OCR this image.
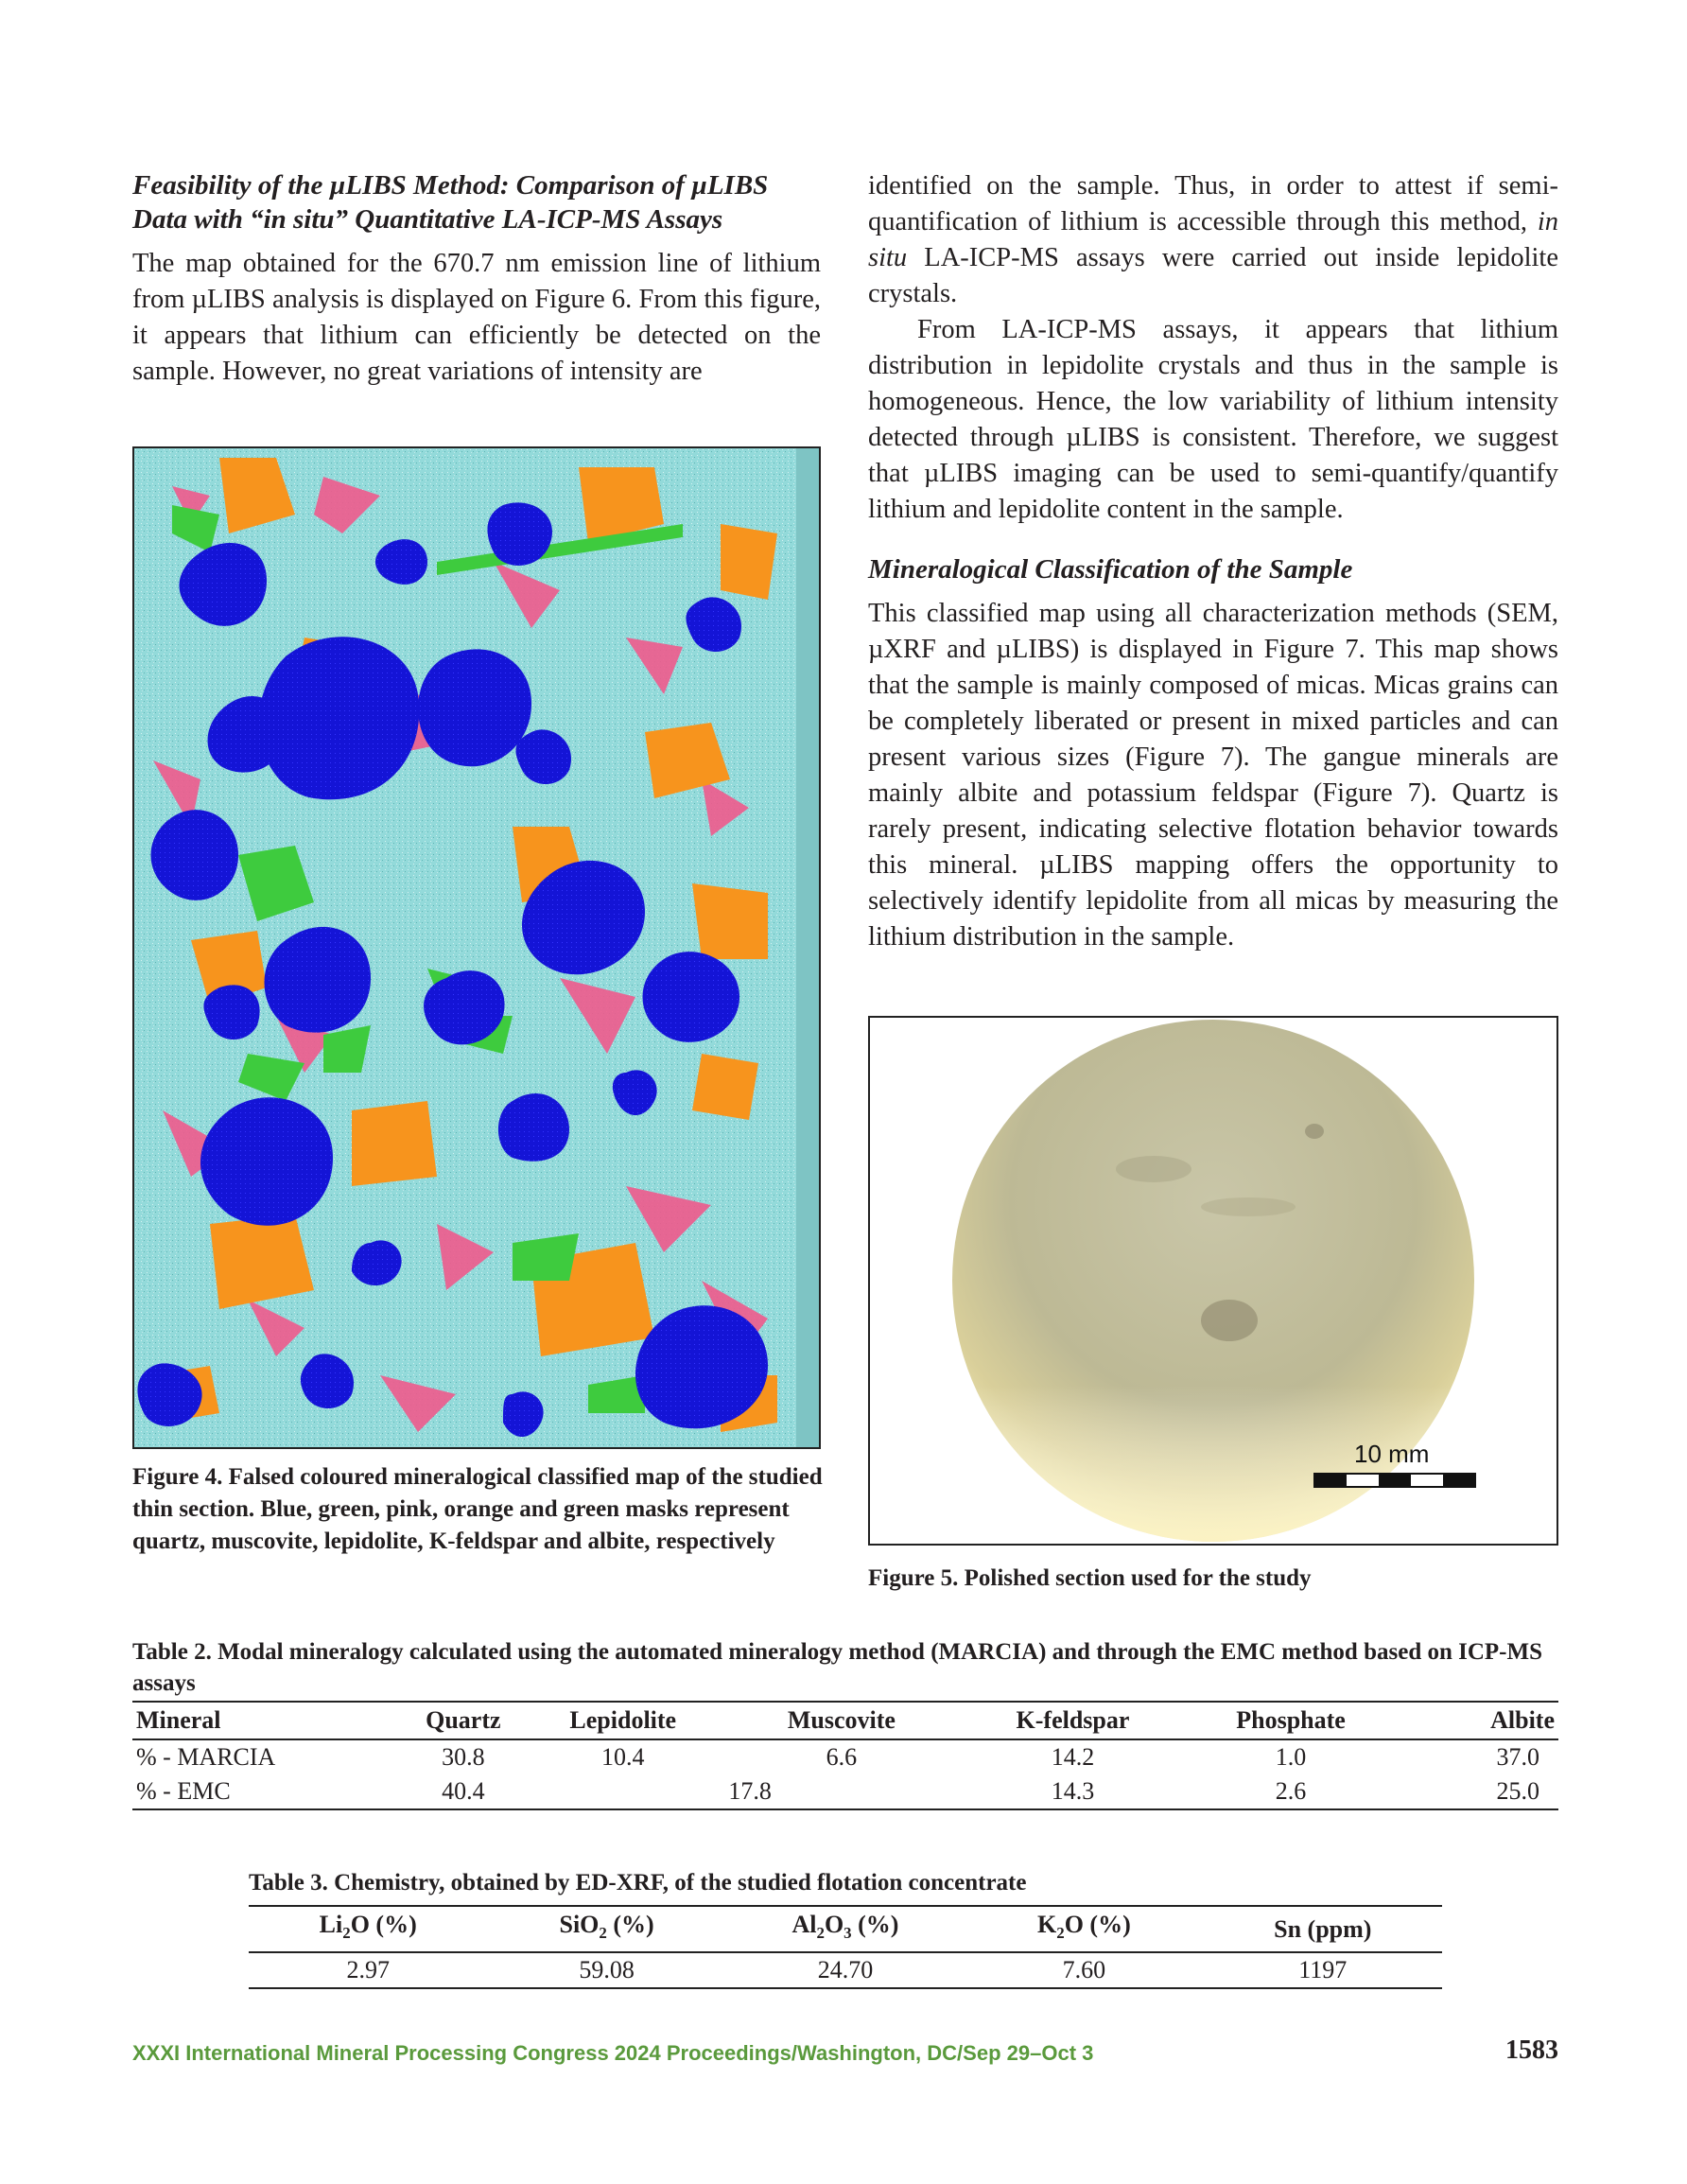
Feasibility of the µLIBS Method: Comparison of µLIBS Data with “in situ” Quantitative LA-ICP-MS Assays

The map obtained for the 670.7 nm emission line of lithium from µLIBS analysis is displayed on Figure 6. From this figure, it appears that lithium can efficiently be detected on the sample. However, no great variations of intensity are

Figure 4. Falsed coloured mineralogical classified map of the studied thin section. Blue, green, pink, orange and green masks represent quartz, muscovite, lepidolite, K-feldspar and albite, respectively

identified on the sample. Thus, in order to attest if semi-quantification of lithium is accessible through this method, in situ LA-ICP-MS assays were carried out inside lepidolite crystals.

From LA-ICP-MS assays, it appears that lithium distribution in lepidolite crystals and thus in the sample is homogeneous. Hence, the low variability of lithium intensity detected through µLIBS is consistent. Therefore, we suggest that µLIBS imaging can be used to semi-quantify/quantify lithium and lepidolite content in the sample.

Mineralogical Classification of the Sample

This classified map using all characterization methods (SEM, µXRF and µLIBS) is displayed in Figure 7. This map shows that the sample is mainly composed of micas. Micas grains can be completely liberated or present in mixed particles and can present various sizes (Figure 7). The gangue minerals are mainly albite and potassium feldspar (Figure 7). Quartz is rarely present, indicating selective flotation behavior towards this mineral. µLIBS mapping offers the opportunity to selectively identify lepidolite from all micas by measuring the lithium distribution in the sample.

10 mm

Figure 5. Polished section used for the study

Table 2. Modal mineralogy calculated using the automated mineralogy method (MARCIA) and through the EMC method based on ICP-MS assays
Mineral	Quartz	Lepidolite	Muscovite	K-feldspar	Phosphate	Albite
% - MARCIA	30.8	10.4	6.6	14.2	1.0	37.0
% - EMC	40.4	17.8		14.3	2.6	25.0
Table 3. Chemistry, obtained by ED-XRF, of the studied flotation concentrate
$Li_2O$ (%)	SiO$_2$ (%)	$Al_2O_3$ (%)	$K_2O$ (%)	Sn (ppm)
2.97	59.08	24.70	7.60	1197
XXXI International Mineral Processing Congress 2024 Proceedings/Washington, DC/Sep 29–Oct 3	1583
